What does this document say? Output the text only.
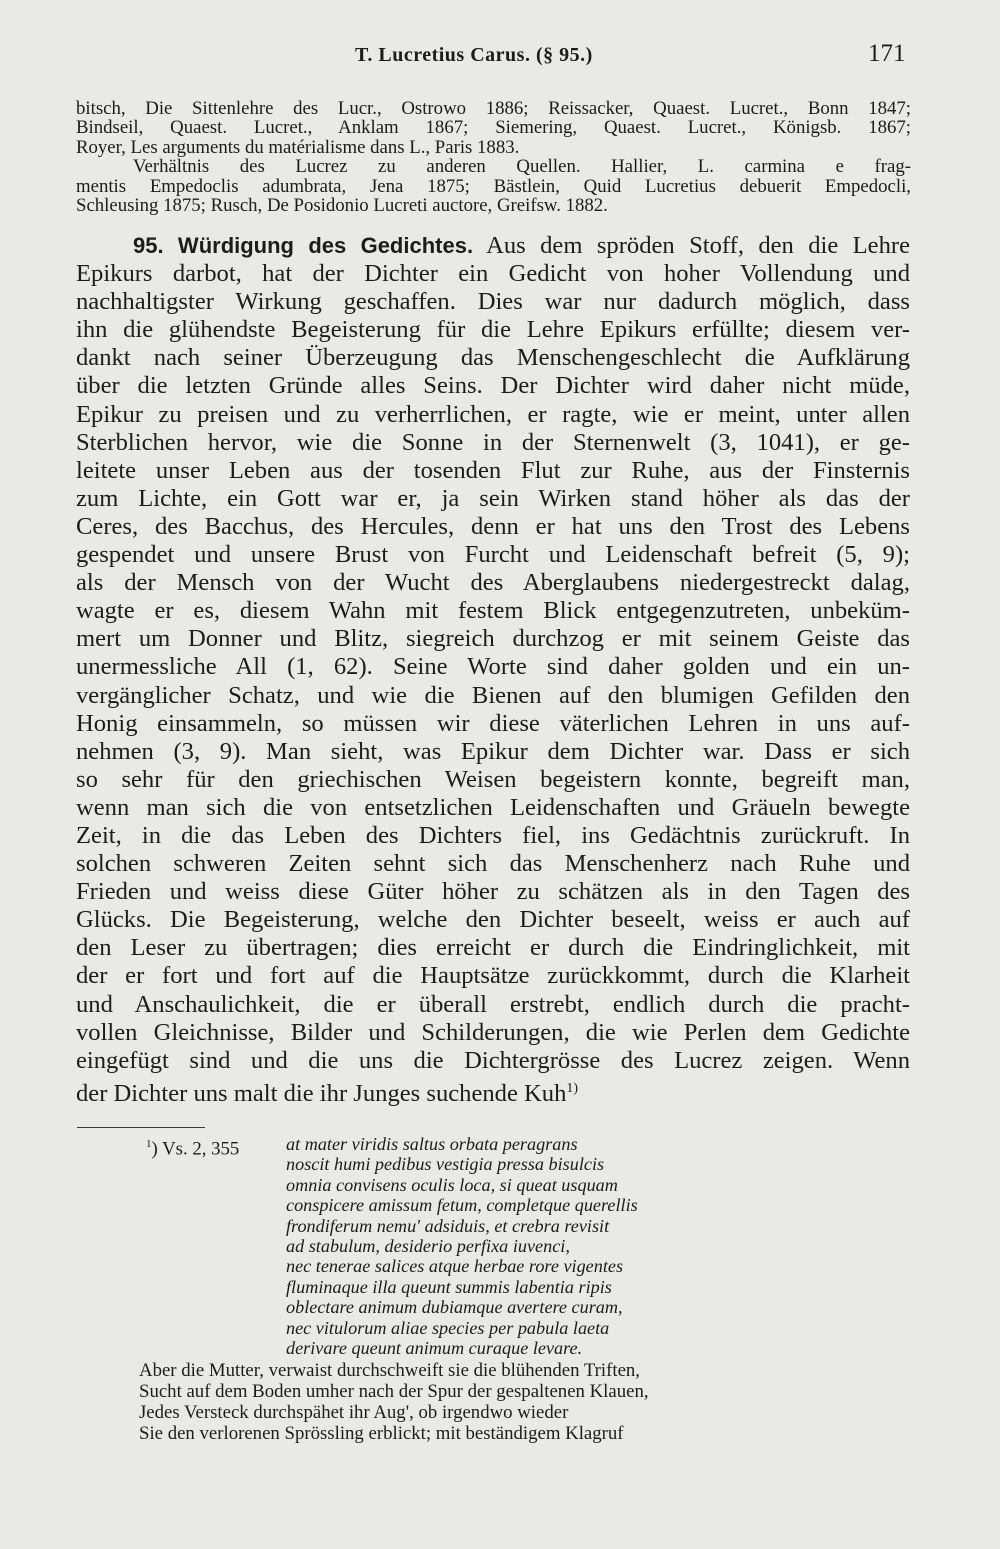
T. Lucretius Carus. (§ 95.)	171
bitsch, Die Sittenlehre des Lucr., Ostrowo 1886; Reissacker, Quaest. Lucret., Bonn 1847;
Bindseil, Quaest. Lucret., Anklam 1867; Siemering, Quaest. Lucret., Königsb. 1867;
Royer, Les arguments du matérialisme dans L., Paris 1883.
Verhältnis des Lucrez zu anderen Quellen. Hallier, L. carmina e frag-
mentis Empedoclis adumbrata, Jena 1875; Bästlein, Quid Lucretius debuerit Empedocli,
Schleusing 1875; Rusch, De Posidonio Lucreti auctore, Greifsw. 1882.
95. Würdigung des Gedichtes. Aus dem spröden Stoff, den die Lehre
Epikurs darbot, hat der Dichter ein Gedicht von hoher Vollendung und
nachhaltigster Wirkung geschaffen. Dies war nur dadurch möglich, dass
ihn die glühendste Begeisterung für die Lehre Epikurs erfüllte; diesem ver-
dankt nach seiner Überzeugung das Menschengeschlecht die Aufklärung
über die letzten Gründe alles Seins. Der Dichter wird daher nicht müde,
Epikur zu preisen und zu verherrlichen, er ragte, wie er meint, unter allen
Sterblichen hervor, wie die Sonne in der Sternenwelt (3, 1041), er ge-
leitete unser Leben aus der tosenden Flut zur Ruhe, aus der Finsternis
zum Lichte, ein Gott war er, ja sein Wirken stand höher als das der
Ceres, des Bacchus, des Hercules, denn er hat uns den Trost des Lebens
gespendet und unsere Brust von Furcht und Leidenschaft befreit (5, 9);
als der Mensch von der Wucht des Aberglaubens niedergestreckt dalag,
wagte er es, diesem Wahn mit festem Blick entgegenzutreten, unbeküm-
mert um Donner und Blitz, siegreich durchzog er mit seinem Geiste das
unermessliche All (1, 62). Seine Worte sind daher golden und ein un-
vergänglicher Schatz, und wie die Bienen auf den blumigen Gefilden den
Honig einsammeln, so müssen wir diese väterlichen Lehren in uns auf-
nehmen (3, 9). Man sieht, was Epikur dem Dichter war. Dass er sich
so sehr für den griechischen Weisen begeistern konnte, begreift man,
wenn man sich die von entsetzlichen Leidenschaften und Gräueln bewegte
Zeit, in die das Leben des Dichters fiel, ins Gedächtnis zurückruft. In
solchen schweren Zeiten sehnt sich das Menschenherz nach Ruhe und
Frieden und weiss diese Güter höher zu schätzen als in den Tagen des
Glücks. Die Begeisterung, welche den Dichter beseelt, weiss er auch auf
den Leser zu übertragen; dies erreicht er durch die Eindringlichkeit, mit
der er fort und fort auf die Hauptsätze zurückkommt, durch die Klarheit
und Anschaulichkeit, die er überall erstrebt, endlich durch die pracht-
vollen Gleichnisse, Bilder und Schilderungen, die wie Perlen dem Gedichte
eingefügt sind und die uns die Dichtergrösse des Lucrez zeigen. Wenn
der Dichter uns malt die ihr Junges suchende Kuh$^{1)}$
$^1$) Vs. 2, 355	at mater viridis saltus orbata peragrans
noscit humi pedibus vestigia pressa bisulcis
omnia convisens oculis loca, si queat usquam
conspicere amissum fetum, completque querellis
frondiferum nemu' adsiduis, et crebra revisit
ad stabulum, desiderio perfixa iuvenci,
nec tenerae salices atque herbae rore vigentes
fluminaque illa queunt summis labentia ripis
oblectare animum dubiamque avertere curam,
nec vitulorum aliae species per pabula laeta
derivare queunt animum curaque levare.
Aber die Mutter, verwaist durchschweift sie die blühenden Triften,
Sucht auf dem Boden umher nach der Spur der gespaltenen Klauen,
Jedes Versteck durchspähet ihr Aug', ob irgendwo wieder
Sie den verlorenen Sprössling erblickt; mit beständigem Klagruf
